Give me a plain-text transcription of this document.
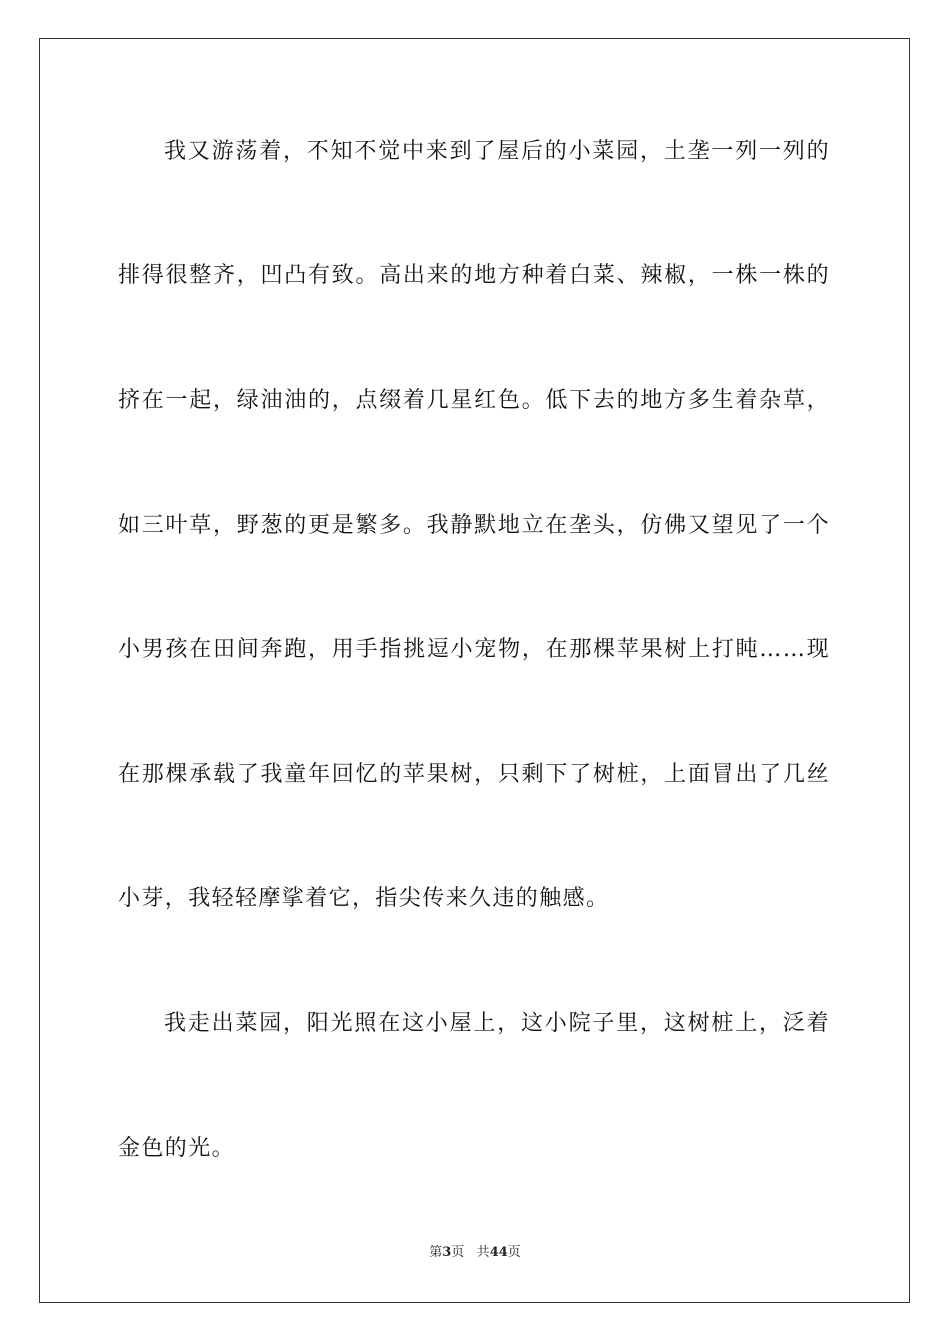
我又游荡着，不知不觉中来到了屋后的小菜园，土垄一列一列的
排得很整齐，凹凸有致。高出来的地方种着白菜、辣椒，一株一株的
挤在一起，绿油油的，点缀着几星红色。低下去的地方多生着杂草，
如三叶草，野葱的更是繁多。我静默地立在垄头，仿佛又望见了一个
小男孩在田间奔跑，用手指挑逗小宠物，在那棵苹果树上打盹……现
在那棵承载了我童年回忆的苹果树，只剩下了树桩，上面冒出了几丝
小芽，我轻轻摩挲着它，指尖传来久违的触感。
我走出菜园，阳光照在这小屋上，这小院子里，这树桩上，泛着
金色的光。
第3页 共44页
